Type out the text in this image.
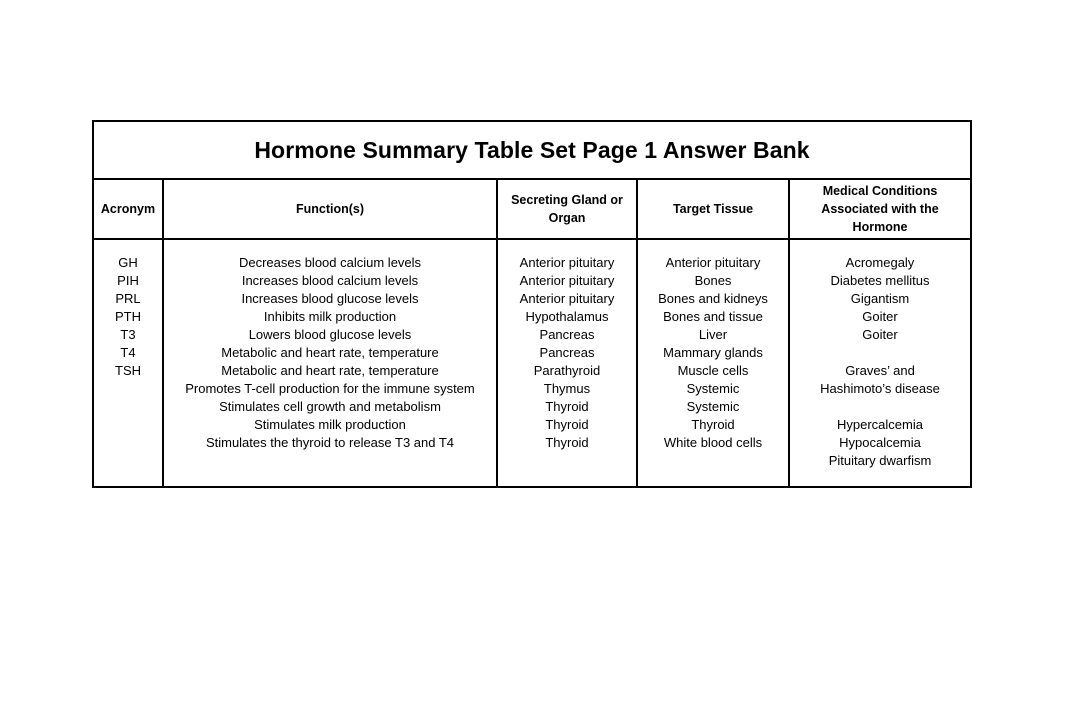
Hormone Summary Table Set Page 1 Answer Bank
Acronym	Function(s)
Secreting Gland or
Organ
Target Tissue
Medical Conditions
Associated with the
Hormone
GH
PIH
PRL
PTH
T3
T4
TSH
Decreases blood calcium levels
Increases blood calcium levels
Increases blood glucose levels
Inhibits milk production
Lowers blood glucose levels
Metabolic and heart rate, temperature
Metabolic and heart rate, temperature
Promotes T-cell production for the immune system
Stimulates cell growth and metabolism
Stimulates milk production
Stimulates the thyroid to release T3 and T4
Anterior pituitary
Anterior pituitary
Anterior pituitary
Hypothalamus
Pancreas
Pancreas
Parathyroid
Thymus
Thyroid
Thyroid
Thyroid
Anterior pituitary
Bones
Bones and kidneys
Bones and tissue
Liver
Mammary glands
Muscle cells
Systemic
Systemic
Thyroid
White blood cells
Acromegaly
Diabetes mellitus
Gigantism
Goiter
Goiter
Graves’ and
Hashimoto’s disease
Hypercalcemia
Hypocalcemia
Pituitary dwarfism
